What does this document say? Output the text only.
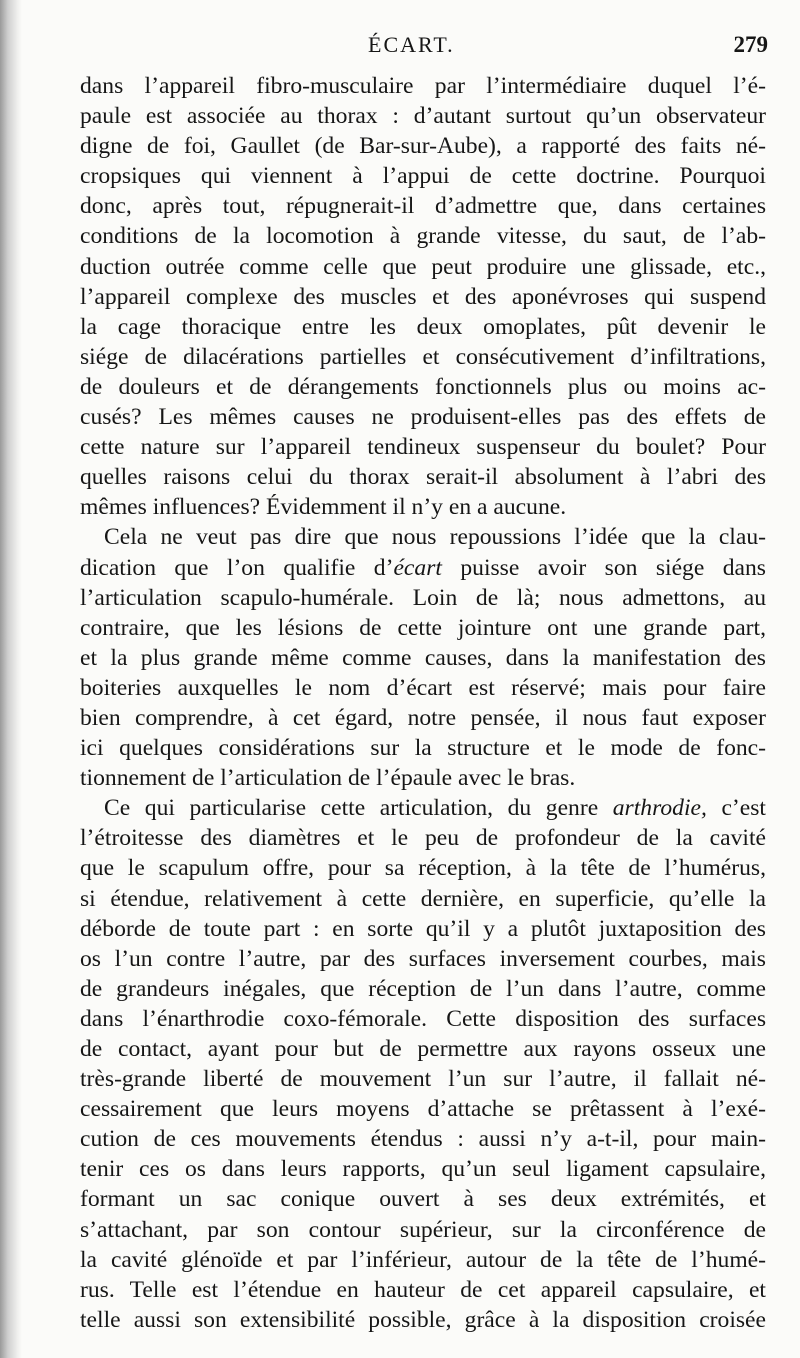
ÉCART.	279
dans l’appareil fibro-musculaire par l’intermédiaire duquel l’é-
paule est associée au thorax : d’autant surtout qu’un observateur
digne de foi, Gaullet (de Bar-sur-Aube), a rapporté des faits né-
cropsiques qui viennent à l’appui de cette doctrine. Pourquoi
donc, après tout, répugnerait-il d’admettre que, dans certaines
conditions de la locomotion à grande vitesse, du saut, de l’ab-
duction outrée comme celle que peut produire une glissade, etc.,
l’appareil complexe des muscles et des aponévroses qui suspend
la cage thoracique entre les deux omoplates, pût devenir le
siége de dilacérations partielles et consécutivement d’infiltrations,
de douleurs et de dérangements fonctionnels plus ou moins ac-
cusés? Les mêmes causes ne produisent-elles pas des effets de
cette nature sur l’appareil tendineux suspenseur du boulet? Pour
quelles raisons celui du thorax serait-il absolument à l’abri des
mêmes influences? Évidemment il n’y en a aucune.
Cela ne veut pas dire que nous repoussions l’idée que la clau-
dication que l’on qualifie d’écart puisse avoir son siége dans
l’articulation scapulo-humérale. Loin de là; nous admettons, au
contraire, que les lésions de cette jointure ont une grande part,
et la plus grande même comme causes, dans la manifestation des
boiteries auxquelles le nom d’écart est réservé; mais pour faire
bien comprendre, à cet égard, notre pensée, il nous faut exposer
ici quelques considérations sur la structure et le mode de fonc-
tionnement de l’articulation de l’épaule avec le bras.
Ce qui particularise cette articulation, du genre arthrodie, c’est
l’étroitesse des diamètres et le peu de profondeur de la cavité
que le scapulum offre, pour sa réception, à la tête de l’humérus,
si étendue, relativement à cette dernière, en superficie, qu’elle la
déborde de toute part : en sorte qu’il y a plutôt juxtaposition des
os l’un contre l’autre, par des surfaces inversement courbes, mais
de grandeurs inégales, que réception de l’un dans l’autre, comme
dans l’énarthrodie coxo-fémorale. Cette disposition des surfaces
de contact, ayant pour but de permettre aux rayons osseux une
très-grande liberté de mouvement l’un sur l’autre, il fallait né-
cessairement que leurs moyens d’attache se prêtassent à l’exé-
cution de ces mouvements étendus : aussi n’y a-t-il, pour main-
tenir ces os dans leurs rapports, qu’un seul ligament capsulaire,
formant un sac conique ouvert à ses deux extrémités, et
s’attachant, par son contour supérieur, sur la circonférence de
la cavité glénoïde et par l’inférieur, autour de la tête de l’humé-
rus. Telle est l’étendue en hauteur de cet appareil capsulaire, et
telle aussi son extensibilité possible, grâce à la disposition croisée
